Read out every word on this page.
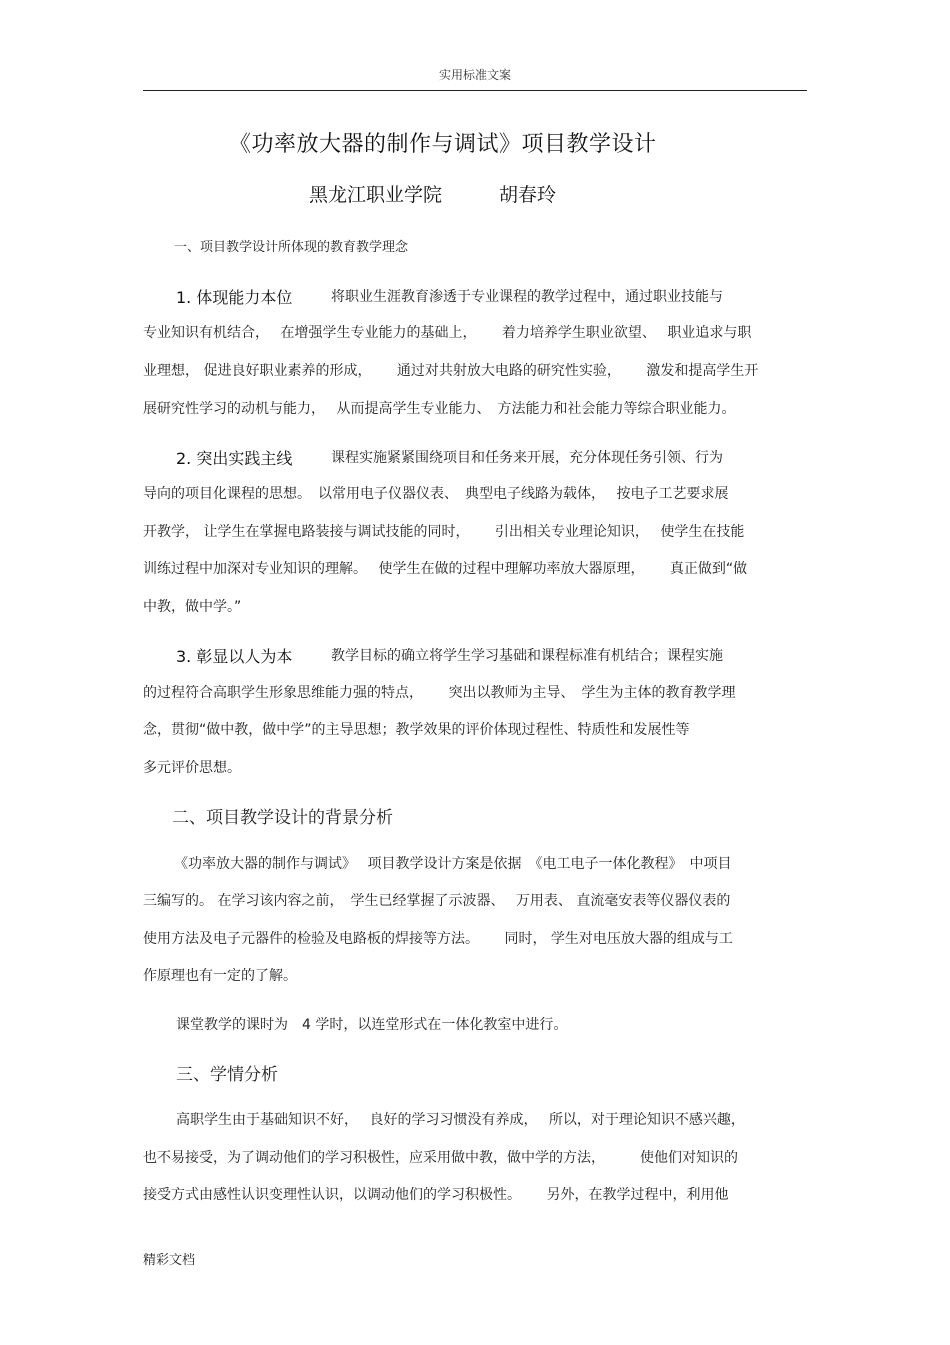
实用标准文案
《功率放大器的制作与调试》项目教学设计
黑龙江职业学院	胡春玲
一、项目教学设计所体现的教育教学理念
1. 体现能力本位	将职业生涯教育渗透于专业课程的教学过程中，通过职业技能与
专业知识有机结合，　 在增强学生专业能力的基础上，　　 着力培养学生职业欲望、　 职业追求与职
业理想， 促进良好职业素养的形成，　　 通过对共射放大电路的研究性实验，　　 激发和提高学生开
展研究性学习的动机与能力，　 从而提高学生专业能力、　方法能力和社会能力等综合职业能力。
2. 突出实践主线	课程实施紧紧围绕项目和任务来开展，充分体现任务引领、行为
导向的项目化课程的思想。　以常用电子仪器仪表、　典型电子线路为载体，　 按电子工艺要求展
开教学， 让学生在掌握电路装接与调试技能的同时，　　 引出相关专业理论知识，　 使学生在技能
训练过程中加深对专业知识的理解。　 使学生在做的过程中理解功率放大器原理，　　 真正做到“做
中教，做中学。”
3. 彰显以人为本	教学目标的确立将学生学习基础和课程标准有机结合；课程实施
的过程符合高职学生形象思维能力强的特点，　　 突出以教师为主导、　学生为主体的教育教学理
念，贯彻“做中教，做中学”的主导思想；教学效果的评价体现过程性、特质性和发展性等
多元评价思想。
二、项目教学设计的背景分析
《功率放大器的制作与调试》　 项目教学设计方案是依据　《电工电子一体化教程》　中项目
三编写的。 在学习该内容之前，　学生已经掌握了示波器、　 万用表、 直流毫安表等仪器仪表的
使用方法及电子元器件的检验及电路板的焊接等方法。　　 同时， 学生对电压放大器的组成与工
作原理也有一定的了解。
课堂教学的课时为　4 学时，以连堂形式在一体化教室中进行。
三、学情分析
高职学生由于基础知识不好，　 良好的学习习惯没有养成，　 所以，对于理论知识不感兴趣，
也不易接受，为了调动他们的学习积极性，应采用做中教，做中学的方法，　　　使他们对知识的
接受方式由感性认识变理性认识，以调动他们的学习积极性。　　 另外，在教学过程中，利用他
精彩文档
